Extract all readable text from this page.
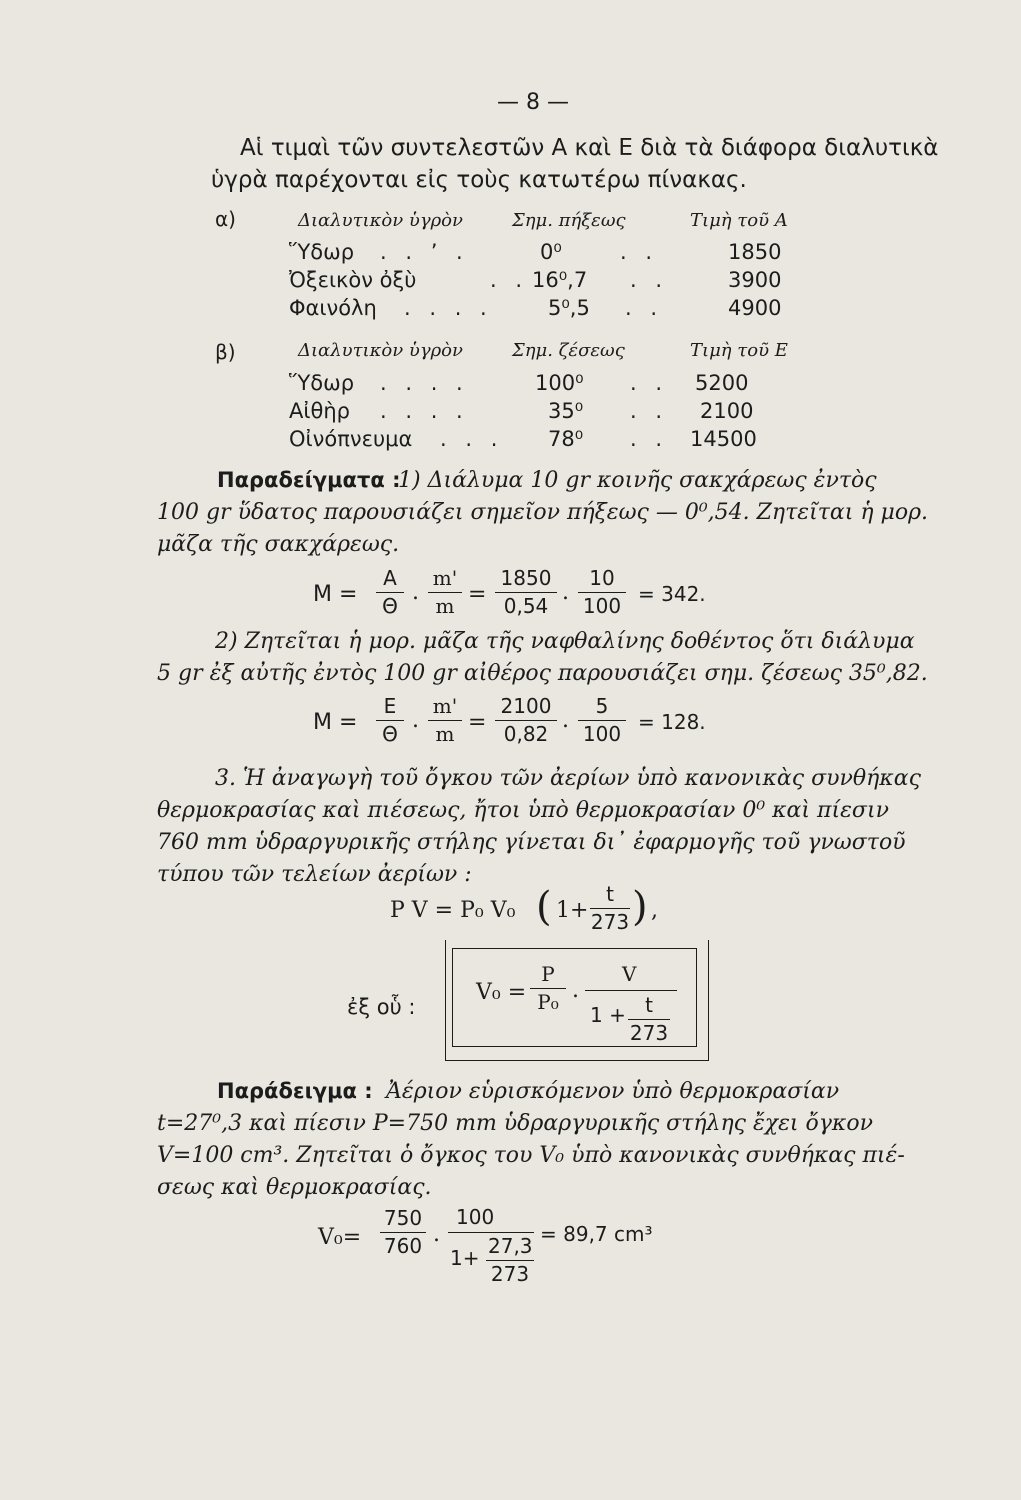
— 8 —
Αἱ τιμαὶ τῶν συντελεστῶν Α καὶ Ε διὰ τὰ διάφορα διαλυτικὰ
ὑγρὰ παρέχονται εἰς τοὺς κατωτέρω πίνακας.
α)	Διαλυτικὸν ὑγρὸν	Σημ. πήξεως	Τιμὴ τοῦ Α
Ὕδωρ . . ’ .	0⁰	. .	1850
Ὀξεικὸν ὀξὺ	. . 16⁰,7 . .	3900
Φαινόλη . . . .	5⁰,5 . .	4900
β)	Διαλυτικὸν ὑγρὸν	Σημ. ζέσεως	Τιμὴ τοῦ Ε
Ὕδωρ . . . .	100⁰ . . 5200
Αἰθὴρ . . . .	35⁰ . . 2100
Οἰνόπνευμα . . . 78⁰ . . 14500
Παραδείγματα :
1) Διάλυμα 10 gr κοινῆς σακχάρεως ἐντὸς
100 gr ὕδατος παρουσιάζει σημεῖον πήξεως — 0⁰,54. Ζητεῖται ἡ μορ.
μᾶζα τῆς σακχάρεως.
$M = \frac{A}{\Theta}$ . $\frac{m'}{m} = \frac{1850}{0,54}$ . $\frac{10}{100} = 342$.
2) Ζητεῖται ἡ μορ. μᾶζα τῆς ναφθαλίνης δοθέντος ὅτι διάλυμα
5 gr ἐξ αὐτῆς ἐντὸς 100 gr αἰθέρος παρουσιάζει σημ. ζέσεως 35⁰,82.
$M = \frac{E}{\Theta}$ . $\frac{m'}{m} = \frac{2100}{0,82}$ . $\frac{5}{100} = 128$.
3. Ἡ ἀναγωγὴ τοῦ ὄγκου τῶν ἀερίων ὑπὸ κανονικὰς συνθήκας
θερμοκρασίας καὶ πιέσεως, ἤτοι ὑπὸ θερμοκρασίαν 0⁰ καὶ πίεσιν
760 mm ὑδραργυρικῆς στήλης γίνεται δι᾿ ἐφαρμογῆς τοῦ γνωστοῦ
τύπου τῶν τελείων ἀερίων :
P V = P₀ V₀ ( $1+ \frac{t}{273}$ ) ,
ἐξ οὗ :
$V_0 = \frac{P}{\text{P₀}}$ .
V
$1 + \frac{t}{273}$
Παράδειγμα : Ἀέριον εὑρισκόμενον ὑπὸ θερμοκρασίαν
t=27⁰,3 καὶ πίεσιν P=750 mm ὑδραργυρικῆς στήλης ἔχει ὄγκον
V=100 cm³. Ζητεῖται ὁ ὄγκος του V₀ ὑπὸ κανονικὰς συνθήκας πιέ-
σεως καὶ θερμοκρασίας.
$V_0= \frac{750}{760}$ .
100
$1+ \frac{27,3}{273} = 89,7$ cm³
